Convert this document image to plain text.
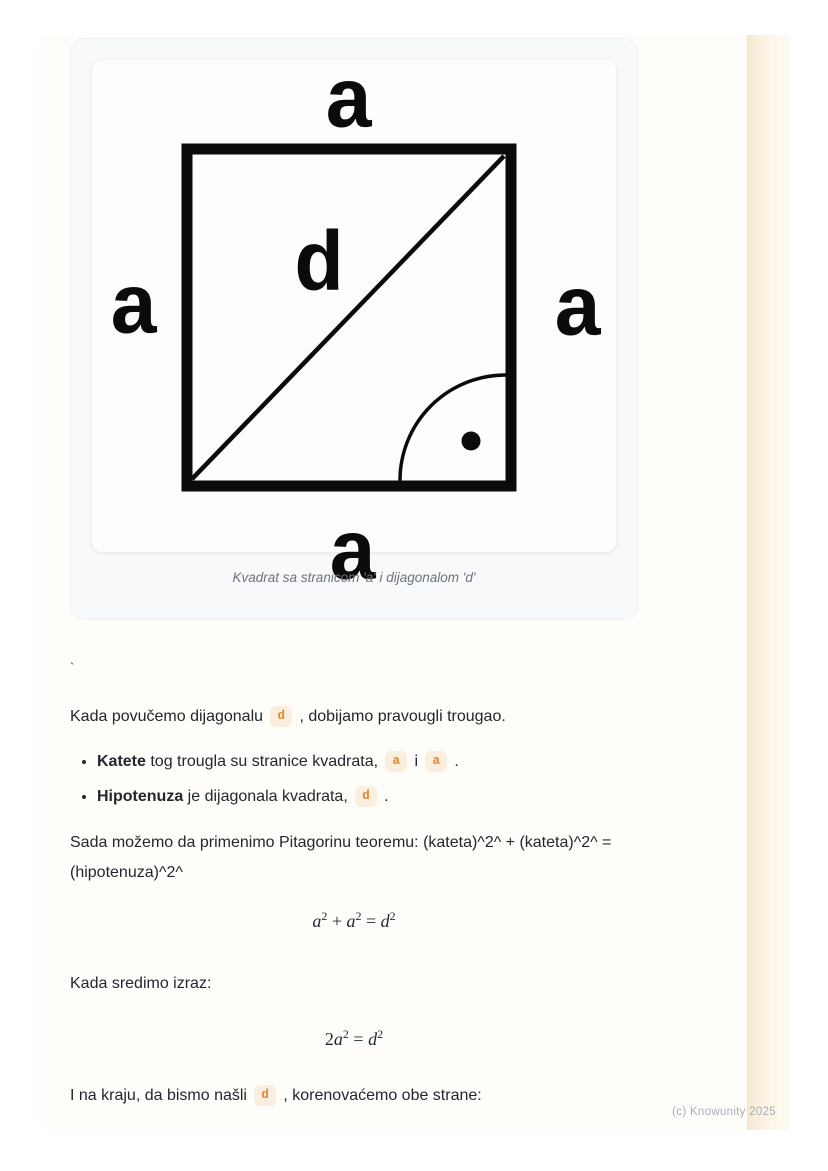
a
a	a
d
a
Kvadrat sa stranicom 'a' i dijagonalom 'd'
`

Kada povučemo dijagonalu d , dobijamo pravougli trougao.

• Katete tog trougla su stranice kvadrata, a i a .
• Hipotenuza je dijagonala kvadrata, d .

Sada možemo da primenimo Pitagorinu teoremu: (kateta)^2^ + (kateta)^2^ =
(hipotenuza)^2^

$a^2 + a^2 = d^2$

Kada sredimo izraz:

$2a^2 = d^2$

I na kraju, da bismo našli d , korenovaćemo obe strane:

(c) Knowunity 2025
